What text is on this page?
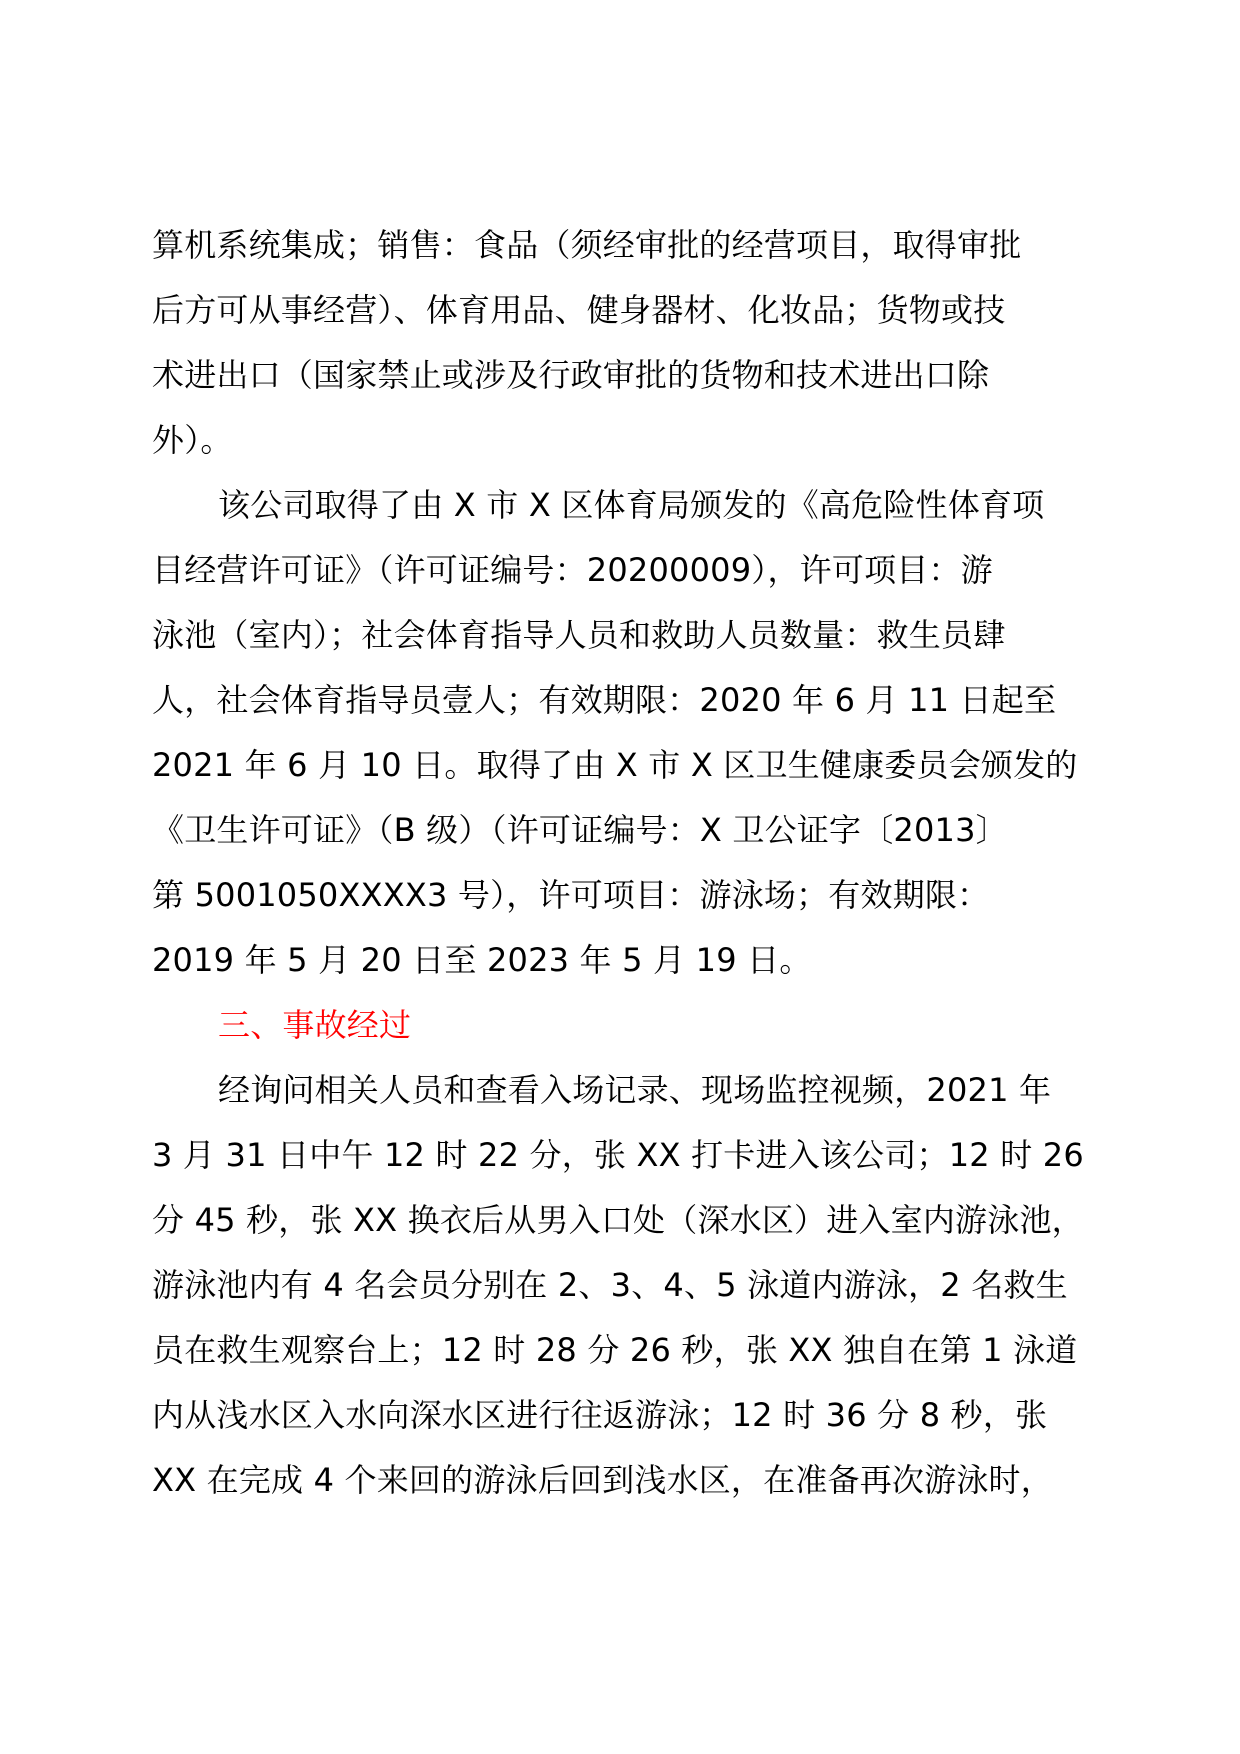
算机系统集成；销售：食品（须经审批的经营项目，取得审批
后方可从事经营）、体育用品、健身器材、化妆品；货物或技
术进出口（国家禁止或涉及行政审批的货物和技术进出口除
外）。
该公司取得了由 X 市 X 区体育局颁发的《高危险性体育项
目经营许可证》（许可证编号：20200009），许可项目：游
泳池（室内）；社会体育指导人员和救助人员数量：救生员肆
人，社会体育指导员壹人；有效期限：2020 年 6 月 11 日起至
2021 年 6 月 10 日。取得了由 X 市 X 区卫生健康委员会颁发的
《卫生许可证》（B 级）（许可证编号：X 卫公证字〔2013〕
第 5001050XXXX3 号），许可项目：游泳场；有效期限：
2019 年 5 月 20 日至 2023 年 5 月 19 日。
三、事故经过
经询问相关人员和查看入场记录、现场监控视频，2021 年
3 月 31 日中午 12 时 22 分，张 XX 打卡进入该公司；12 时 26
分 45 秒，张 XX 换衣后从男入口处（深水区）进入室内游泳池，
游泳池内有 4 名会员分别在 2、3、4、5 泳道内游泳，2 名救生
员在救生观察台上；12 时 28 分 26 秒，张 XX 独自在第 1 泳道
内从浅水区入水向深水区进行往返游泳；12 时 36 分 8 秒，张
XX 在完成 4 个来回的游泳后回到浅水区，在准备再次游泳时，
